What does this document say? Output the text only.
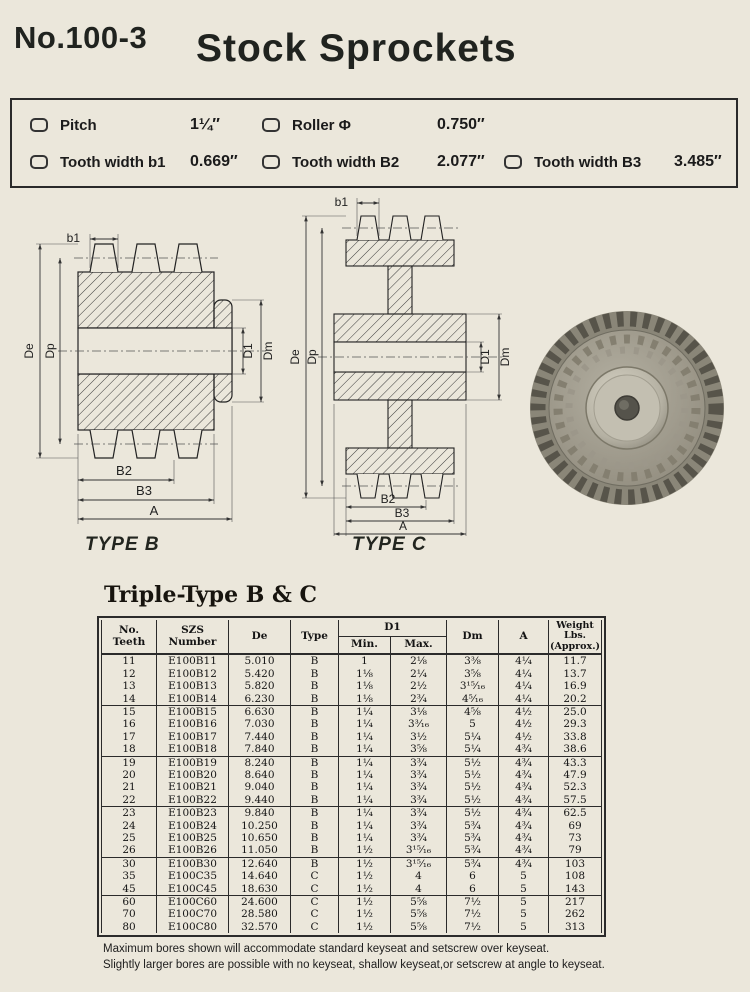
No.100-3 Stock Sprockets
Pitch	1¼″	Roller Φ	0.750″
Tooth width b1	0.669″	Tooth width B2	2.077″	Tooth width B3	3.485″
b1
De Dp	D1 Dm
B2
B3
A
TYPE B
b1
De Dp	D1 Dm
B2
B3
A
TYPE C
Triple-Type B & C
No. Teeth	SZS Number	De	Type	D1		Dm	A	Weight Lbs. (Approx.)
				Min.	Max.			
11	E100B11	5.010	B	1	2⅛	3⅜	4¼	11.7
12	E100B12	5.420	B	1⅛	2¼	3⅝	4¼	13.7
13	E100B13	5.820	B	1⅛	2½	3¹⁵⁄₁₆	4¼	16.9
14	E100B14	6.230	B	1⅛	2¾	4⁵⁄₁₆	4¼	20.2
15	E100B15	6.630	B	1¼	3⅛	4⅝	4½	25.0
16	E100B16	7.030	B	1¼	3³⁄₁₆	5	4½	29.3
17	E100B17	7.440	B	1¼	3½	5¼	4½	33.8
18	E100B18	7.840	B	1¼	3⅝	5¼	4¾	38.6
19	E100B19	8.240	B	1¼	3¾	5½	4¾	43.3
20	E100B20	8.640	B	1¼	3¾	5½	4¾	47.9
21	E100B21	9.040	B	1¼	3¾	5½	4¾	52.3
22	E100B22	9.440	B	1¼	3¾	5½	4¾	57.5
23	E100B23	9.840	B	1¼	3¾	5½	4¾	62.5
24	E100B24	10.250	B	1¼	3¾	5¾	4¾	69
25	E100B25	10.650	B	1¼	3¾	5¾	4¾	73
26	E100B26	11.050	B	1½	3¹⁵⁄₁₆	5¾	4¾	79
30	E100B30	12.640	B	1½	3¹⁵⁄₁₆	5¾	4¾	103
35	E100C35	14.640	C	1½	4	6	5	108
45	E100C45	18.630	C	1½	4	6	5	143
60	E100C60	24.600	C	1½	5⅝	7½	5	217
70	E100C70	28.580	C	1½	5⅝	7½	5	262
80	E100C80	32.570	C	1½	5⅝	7½	5	313
Maximum bores shown will accommodate standard keyseat and setscrew over keyseat.
Slightly larger bores are possible with no keyseat, shallow keyseat,or setscrew at angle to keyseat.
